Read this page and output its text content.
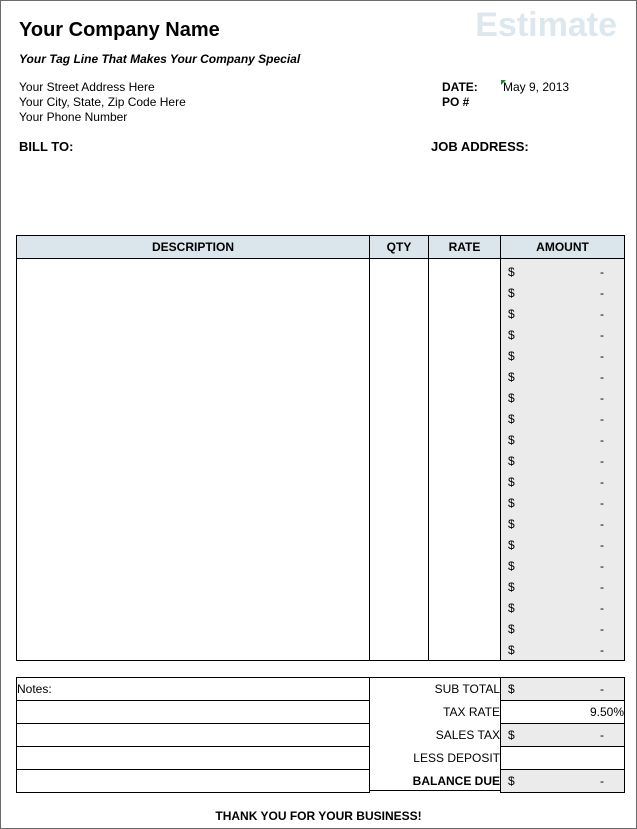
Your Company Name	Estimate
Your Tag Line That Makes Your Company Special
Your Street Address Here
Your City, State, Zip Code Here
Your Phone Number
DATE: May 9, 2013
PO #
BILL TO:	JOB ADDRESS:
DESCRIPTION	QTY	RATE	AMOUNT

			$ -

			$ -

			$ -

			$ -

			$ -

			$ -

			$ -

			$ -

			$ -

			$ -

			$ -

			$ -

			$ -

			$ -

			$ -

			$ -

			$ -

			$ -

			$ -
Notes:	SUB TOTAL	$ -

	TAX RATE	9.50%
	SALES TAX	$ -

	LESS DEPOSIT	
	BALANCE DUE	$ -
THANK YOU FOR YOUR BUSINESS!
